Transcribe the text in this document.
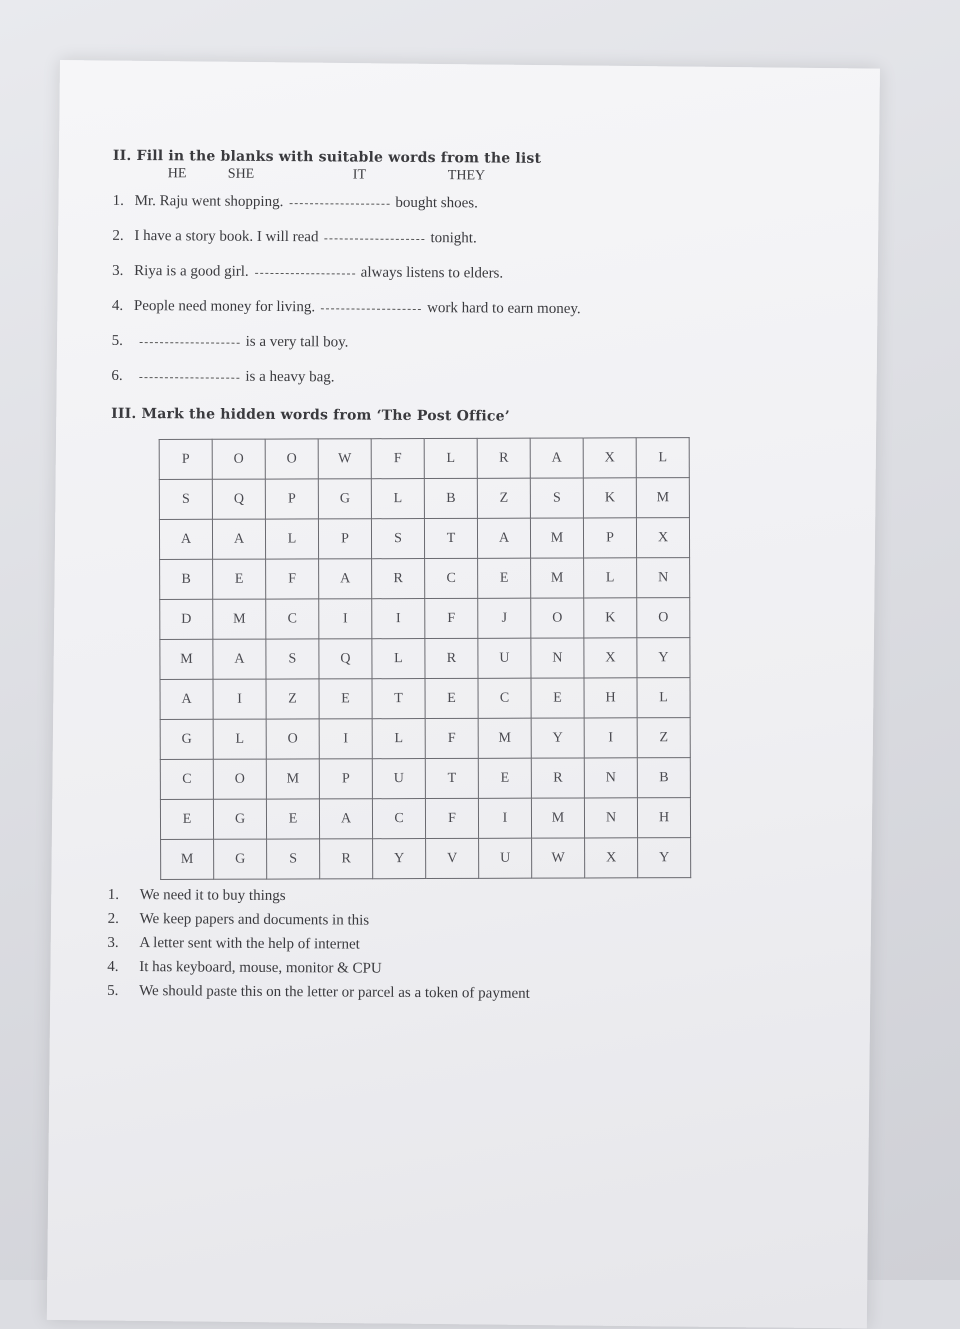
II. Fill in the blanks with suitable words from the list
HE	SHE	IT	THEY
1. Mr. Raju went shopping.	bought shoes.
2. I have a story book. I will read	tonight.
3. Riya is a good girl.	always listens to elders.
4. People need money for living.	work hard to earn money.
5.	is a very tall boy.
6.	is a heavy bag.
III. Mark the hidden words from ‘The Post Office’
P	O	O	W	F	L	R	A	X	L
S	Q	P	G	L	B	Z	S	K	M
A	A	L	P	S	T	A	M	P	X
B	E	F	A	R	C	E	M	L	N
D	M	C	I	I	F	J	O	K	O
M	A	S	Q	L	R	U	N	X	Y
A	I	Z	E	T	E	C	E	H	L
G	L	O	I	L	F	M	Y	I	Z
C	O	M	P	U	T	E	R	N	B
E	G	E	A	C	F	I	M	N	H
M	G	S	R	Y	V	U	W	X	Y
1.	We need it to buy things
2.	We keep papers and documents in this
3.	A letter sent with the help of internet
4.	It has keyboard, mouse, monitor & CPU
5.	We should paste this on the letter or parcel as a token of payment
